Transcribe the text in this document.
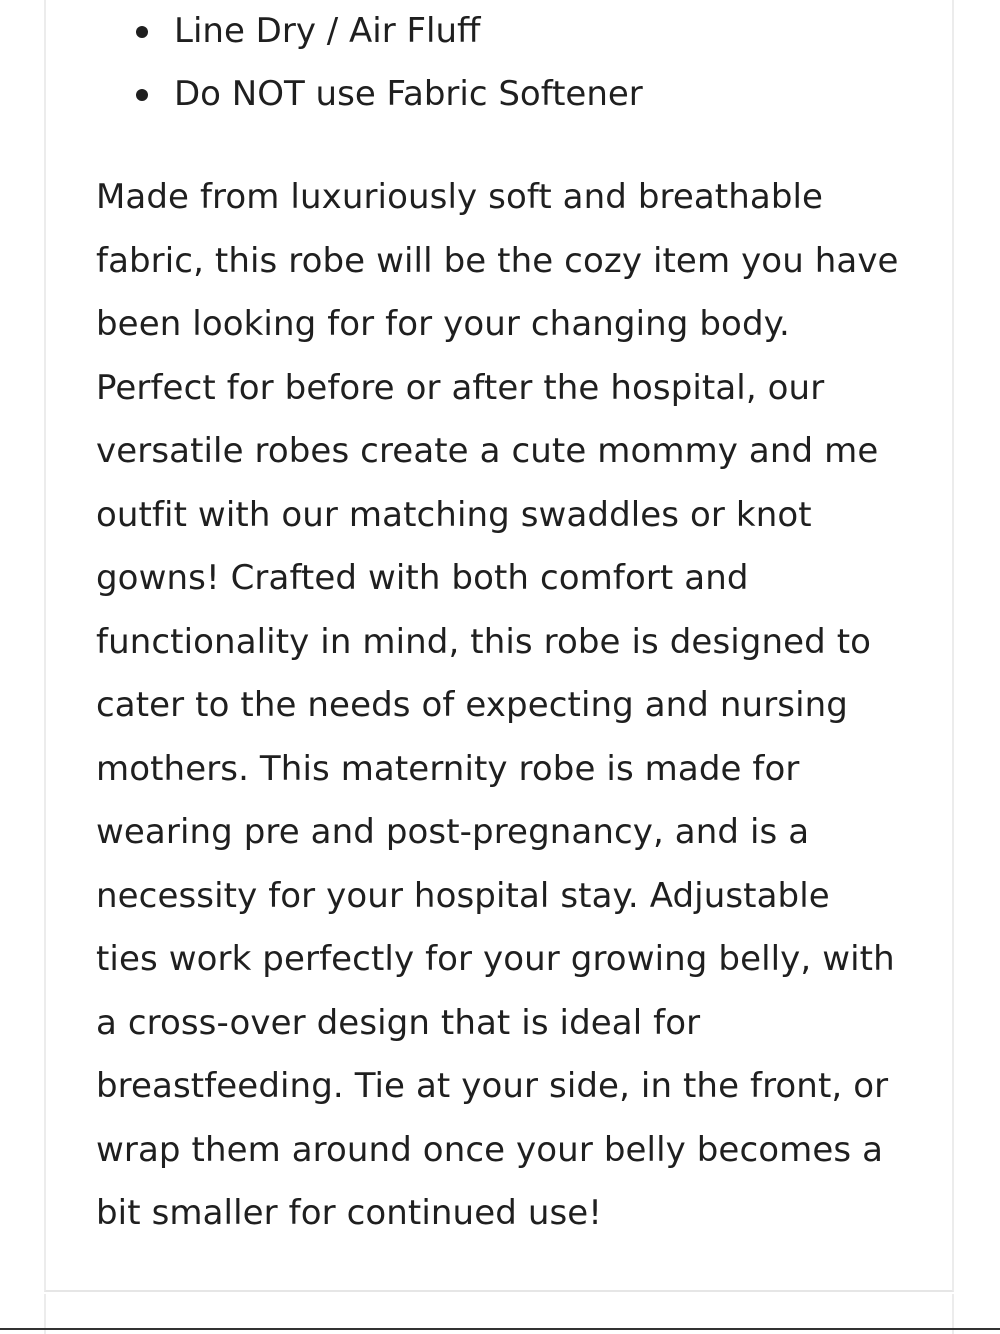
Line Dry / Air Fluff
Do NOT use Fabric Softener

Made from luxuriously soft and breathable
fabric, this robe will be the cozy item you have
been looking for for your changing body.
Perfect for before or after the hospital, our
versatile robes create a cute mommy and me
outfit with our matching swaddles or knot
gowns! Crafted with both comfort and
functionality in mind, this robe is designed to
cater to the needs of expecting and nursing
mothers. This maternity robe is made for
wearing pre and post-pregnancy, and is a
necessity for your hospital stay. Adjustable
ties work perfectly for your growing belly, with
a cross-over design that is ideal for
breastfeeding. Tie at your side, in the front, or
wrap them around once your belly becomes a
bit smaller for continued use!
